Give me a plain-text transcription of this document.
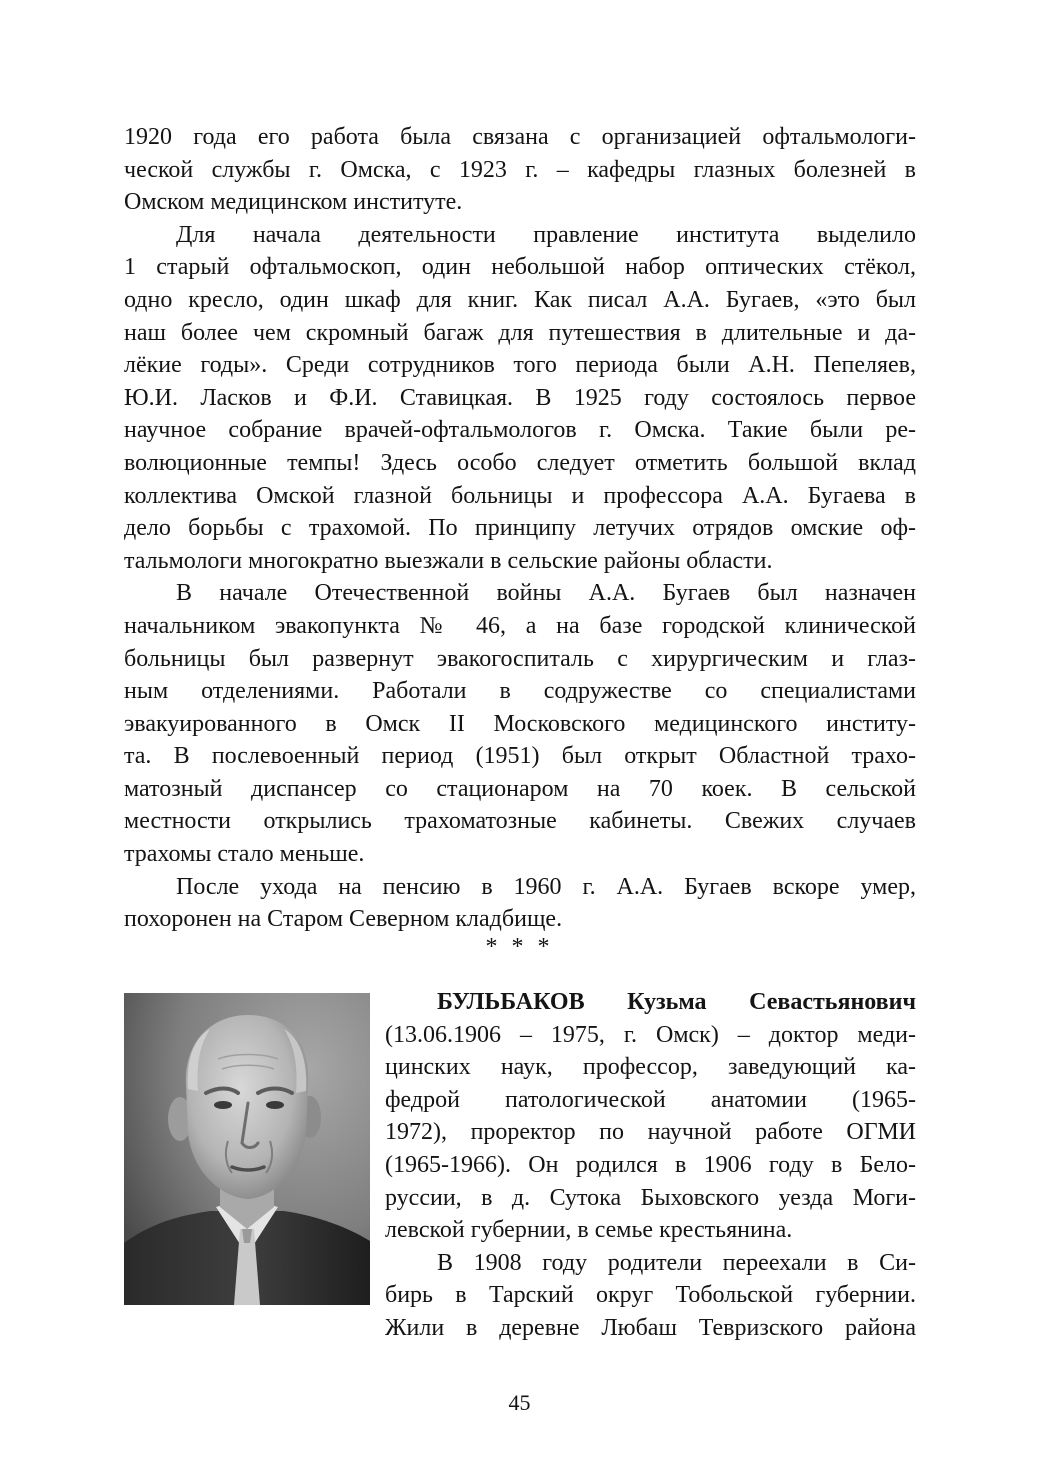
1920 года его работа была связана с организацией офтальмологи-
ческой службы г. Омска, с 1923 г. – кафедры глазных болезней в
Омском медицинском институте.
Для начала деятельности правление института выделило
1 старый офтальмоскоп, один небольшой набор оптических стёкол,
одно кресло, один шкаф для книг. Как писал А.А. Бугаев, «это был
наш более чем скромный багаж для путешествия в длительные и да-
лёкие годы». Среди сотрудников того периода были А.Н. Пепеляев,
Ю.И. Ласков и Ф.И. Ставицкая. В 1925 году состоялось первое
научное собрание врачей-офтальмологов г. Омска. Такие были ре-
волюционные темпы! Здесь особо следует отметить большой вклад
коллектива Омской глазной больницы и профессора А.А. Бугаева в
дело борьбы с трахомой. По принципу летучих отрядов омские оф-
тальмологи многократно выезжали в сельские районы области.
В начале Отечественной войны А.А. Бугаев был назначен
начальником эвакопункта № 46, а на базе городской клинической
больницы был развернут эвакогоспиталь с хирургическим и глаз-
ным отделениями. Работали в содружестве со специалистами
эвакуированного в Омск II Московского медицинского институ-
та. В послевоенный период (1951) был открыт Областной трахо-
матозный диспансер со стационаром на 70 коек. В сельской
местности открылись трахоматозные кабинеты. Свежих случаев
трахомы стало меньше.
После ухода на пенсию в 1960 г. А.А. Бугаев вскоре умер,
похоронен на Старом Северном кладбище.
* * *
БУЛЬБАКОВ Кузьма Севастьянович
(13.06.1906 – 1975, г. Омск) – доктор меди-
цинских наук, профессор, заведующий ка-
федрой патологической анатомии (1965-
1972), проректор по научной работе ОГМИ
(1965-1966). Он родился в 1906 году в Бело-
руссии, в д. Сутока Быховского уезда Моги-
левской губернии, в семье крестьянина.
В 1908 году родители переехали в Си-
бирь в Тарский округ Тобольской губернии.
Жили в деревне Любаш Тевризского района
45
